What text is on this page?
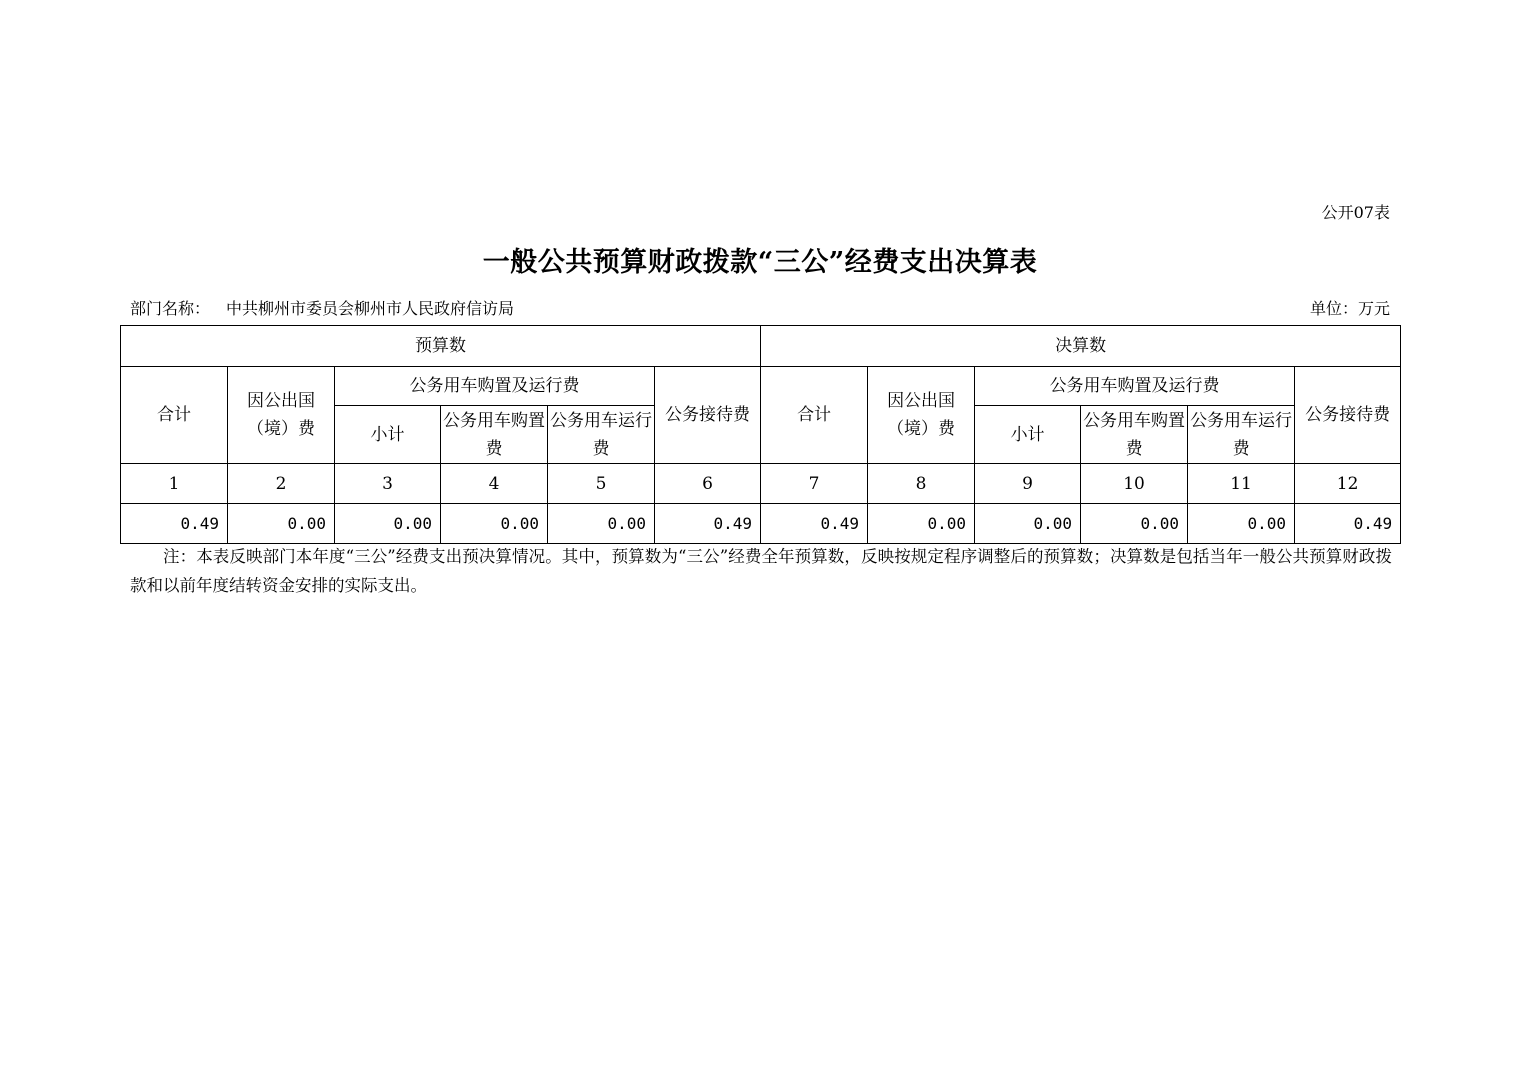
公开07表
一般公共预算财政拨款“三公”经费支出决算表
部门名称： 中共柳州市委员会柳州市人民政府信访局	单位：万元
预算数						决算数					
合计	因公出国（境）费	公务用车购置及运行费			公务接待费	合计	因公出国（境）费	公务用车购置及运行费			公务接待费
		小计	公务用车购置费	公务用车运行费				小计	公务用车购置费	公务用车运行费	
1	2	3	4	5	6	7	8	9	10	11	12
0.49	0.00	0.00	0.00	0.00	0.49	0.49	0.00	0.00	0.00	0.00	0.49
注：本表反映部门本年度“三公”经费支出预决算情况。其中，预算数为“三公”经费全年预算数，反映按规定程序调整后的预算数；决算数是包括当年一般公共预算财政拨款和以前年度结转资金安排的实际支出。
